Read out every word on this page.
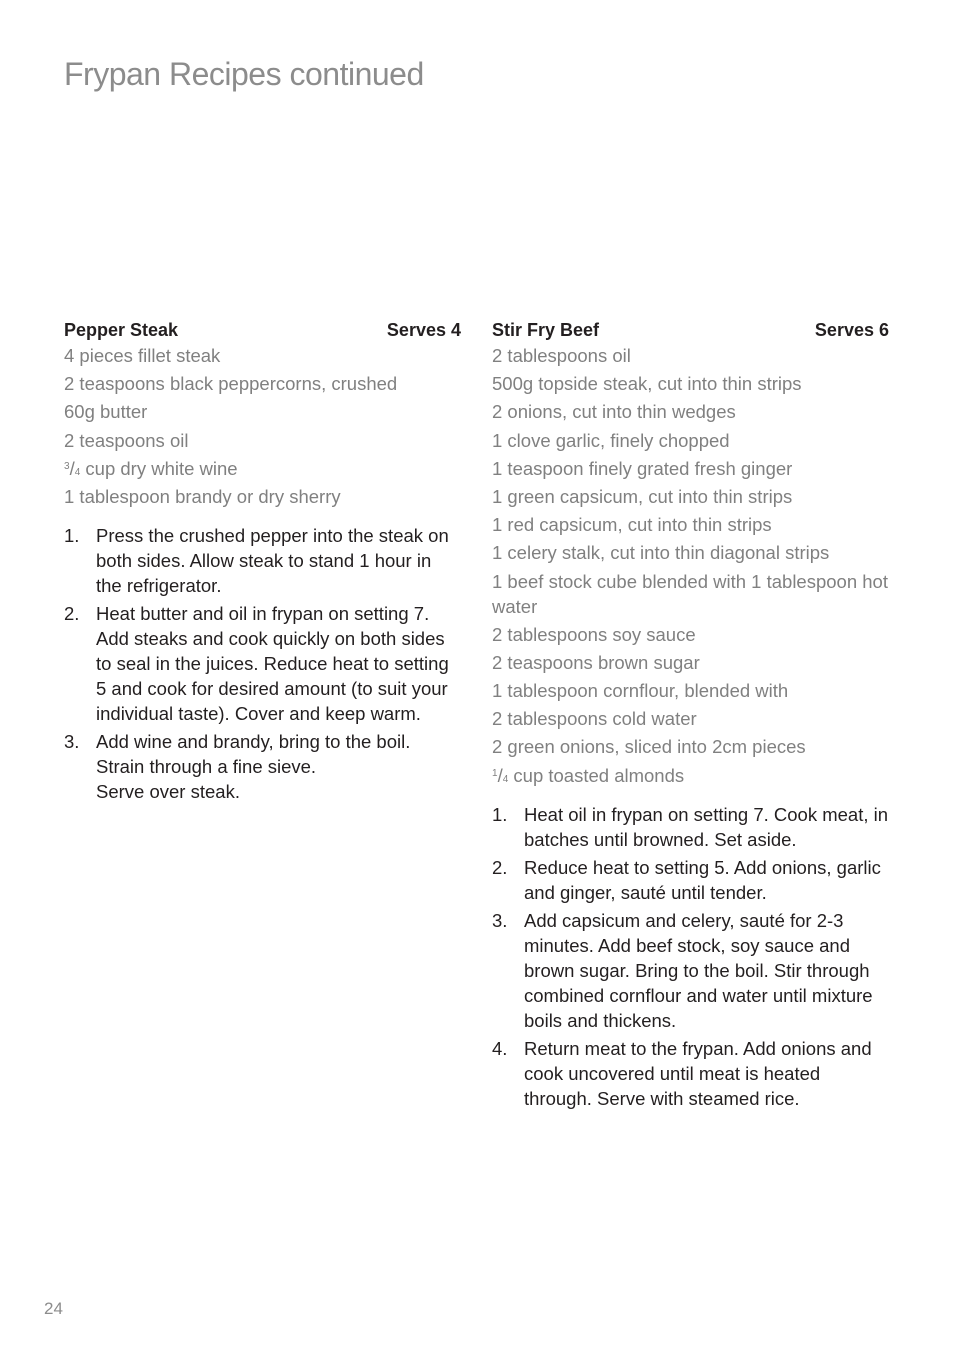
Frypan Recipes continued
Pepper Steak	Serves 4
4 pieces fillet steak
2 teaspoons black peppercorns, crushed
60g butter
2 teaspoons oil
$^3$/4 cup dry white wine
1 tablespoon brandy or dry sherry
1. Press the crushed pepper into the steak on both sides. Allow steak to stand 1 hour in the refrigerator.
2. Heat butter and oil in frypan on setting 7. Add steaks and cook quickly on both sides to seal in the juices. Reduce heat to setting 5 and cook for desired amount (to suit your individual taste). Cover and keep warm.
3. Add wine and brandy, bring to the boil. Strain through a fine sieve.
Serve over steak.
Stir Fry Beef	Serves 6
2 tablespoons oil
500g topside steak, cut into thin strips
2 onions, cut into thin wedges
1 clove garlic, finely chopped
1 teaspoon finely grated fresh ginger
1 green capsicum, cut into thin strips
1 red capsicum, cut into thin strips
1 celery stalk, cut into thin diagonal strips
1 beef stock cube blended with 1 tablespoon hot water
2 tablespoons soy sauce
2 teaspoons brown sugar
1 tablespoon cornflour, blended with
2 tablespoons cold water
2 green onions, sliced into 2cm pieces
$^1$/4 cup toasted almonds
1. Heat oil in frypan on setting 7. Cook meat, in batches until browned. Set aside.
2. Reduce heat to setting 5. Add onions, garlic and ginger, sauté until tender.
3. Add capsicum and celery, sauté for 2-3 minutes. Add beef stock, soy sauce and brown sugar. Bring to the boil. Stir through combined cornflour and water until mixture boils and thickens.
4. Return meat to the frypan. Add onions and cook uncovered until meat is heated through. Serve with steamed rice.
24
